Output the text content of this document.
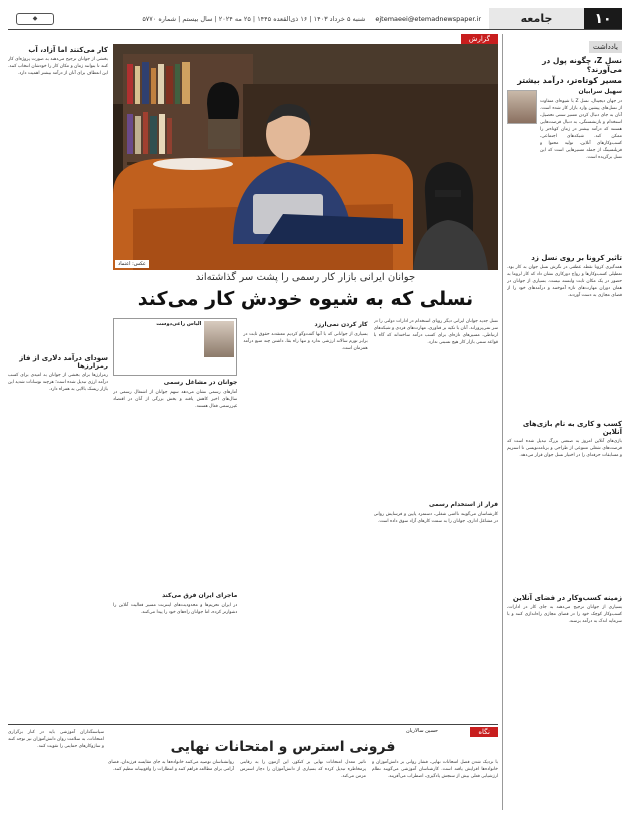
۱۰
جامعه
ejtemaeei@etemadnewspaper.ir
شنبه ۵ خرداد ۱۴۰۳ | ۱۶ ذی‌القعده ۱۴۴۵ | ۲۵ مه ۲۰۲۴ | سال بیستم | شماره ۵۷۷۰
◆
یادداشت
نسل Z، چگونه پول در می‌آورند؟
مسیر کوتاه‌تر، درآمد بیشتر
سهیل سرابیان

در جهان دیجیتال، نسل Z با شیوه‌ای متفاوت از نسل‌های پیشین وارد بازار کار شده است. آنان به جای دنبال کردن مسیر سنتی تحصیل، استخدام و بازنشستگی، به دنبال فرصت‌هایی هستند که درآمد بیشتر در زمان کوتاه‌تر را ممکن کند. شبکه‌های اجتماعی، کسب‌وکارهای آنلاین، تولید محتوا و فریلنسینگ از جمله مسیرهایی است که این نسل برگزیده است.

تاثیر کرونا بر روی نسل زد

همه‌گیری کرونا نقطه عطفی در نگرش نسل جوان به کار بود. تعطیلی کسب‌وکارها و رواج دورکاری نشان داد که کار لزوما به حضور در یک مکان ثابت وابسته نیست. بسیاری از جوانان در همان دوران مهارت‌های تازه آموختند و درآمدهای خود را از فضای مجازی به دست آوردند.

کسب و کاری به نام بازی‌های آنلاین

بازی‌های آنلاین امروز به صنعتی بزرگ تبدیل شده است که فرصت‌های شغلی متنوعی از طراحی و برنامه‌نویسی تا استریم و مسابقات حرفه‌ای را در اختیار نسل جوان قرار می‌دهد.

زمینه کسب‌وکار در فضای آنلاین

بسیاری از جوانان ترجیح می‌دهند به جای کار در ادارات، کسب‌وکار کوچک خود را در فضای مجازی راه‌اندازی کنند و با سرمایه اندک به درآمد برسند.

گزارش
عکس: اعتماد
کار می‌کنند اما آزاد، آب

بخشی از جوانان ترجیح می‌دهند به صورت پروژه‌ای کار کنند تا بتوانند زمان و مکان کار را خودشان انتخاب کنند. این انعطاف برای آنان از درآمد بیشتر اهمیت دارد.

جوانان ایرانی بازار کار رسمی را پشت سر گذاشته‌اند
نسلی که به شیوه خودش کار می‌کند

نسل جدید جوانان ایرانی دیگر رویای استخدام در ادارات دولتی را در سر نمی‌پروراند. آنان با تکیه بر فناوری، مهارت‌های فردی و شبکه‌های ارتباطی، مسیرهای تازه‌ای برای کسب درآمد ساخته‌اند که گاه با قواعد سنتی بازار کار هیچ نسبتی ندارد.

فرار از استخدام رسمی

کارشناسان می‌گویند ناامنی شغلی، دستمزد پایین و فرسایش روانی در مشاغل اداری، جوانان را به سمت کارهای آزاد سوق داده است.

کار کردن نمی‌ارزد

بسیاری از جوانانی که با آنها گفت‌وگو کردیم معتقدند حقوق ثابت در برابر تورم سالانه ارزشی ندارد و تنها راه بقا، داشتن چند منبع درآمد همزمان است.

الیاس راعی‌دوست
جوانان در مشاغل رسمی

آمارهای رسمی نشان می‌دهد سهم جوانان از اشتغال رسمی در سال‌های اخیر کاهش یافته و بخش بزرگی از آنان در اقتصاد غیررسمی فعال هستند.

ماجرای ایران فرق می‌کند

در ایران تحریم‌ها و محدودیت‌های اینترنت مسیر فعالیت آنلاین را دشوارتر کرده، اما جوانان راه‌های خود را پیدا می‌کنند.

سودای درآمد دلاری از فاز رمزارزها

رمزارزها برای بخشی از جوانان به امیدی برای کسب درآمد ارزی تبدیل شده است؛ هرچند نوسانات شدید این بازار ریسک بالایی به همراه دارد.

نگاه
حسین سالاریان
فرونی استرس و امتحانات نهایی

با نزدیک شدن فصل امتحانات نهایی، فشار روانی بر دانش‌آموزان و خانواده‌ها افزایش یافته است. کارشناسان آموزشی می‌گویند نظام ارزشیابی فعلی بیش از سنجش یادگیری، اضطراب می‌آفریند.

تاثیر معدل امتحانات نهایی بر کنکور، این آزمون را به رقابتی پرمخاطره تبدیل کرده که بسیاری از دانش‌آموزان را دچار استرس مزمن می‌کند.

روانشناسان توصیه می‌کنند خانواده‌ها به جای مقایسه فرزندان، فضای آرامی برای مطالعه فراهم کنند و انتظارات را واقع‌بینانه تنظیم کنند.

سیاستگذاران آموزشی باید در کنار برگزاری امتحانات، به سلامت روان دانش‌آموزان نیز توجه کنند و سازوکارهای حمایتی را تقویت کنند.
